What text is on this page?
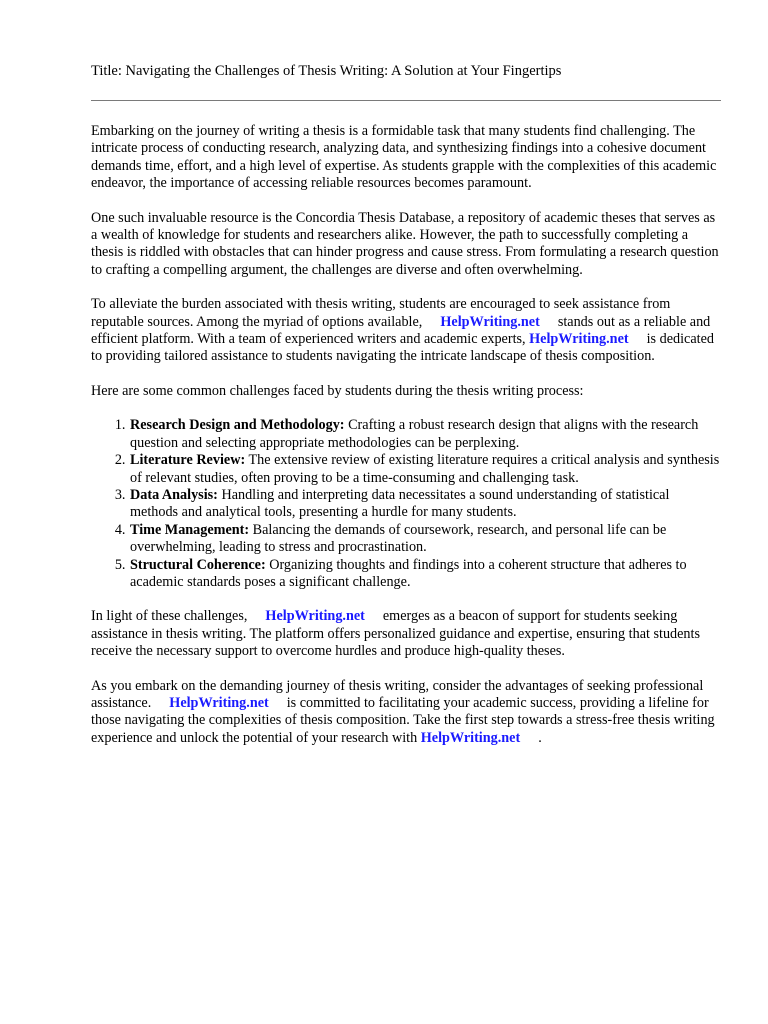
Title: Navigating the Challenges of Thesis Writing: A Solution at Your Fingertips

Embarking on the journey of writing a thesis is a formidable task that many students find challenging. The intricate process of conducting research, analyzing data, and synthesizing findings into a cohesive document demands time, effort, and a high level of expertise. As students grapple with the complexities of this academic endeavor, the importance of accessing reliable resources becomes paramount.

One such invaluable resource is the Concordia Thesis Database, a repository of academic theses that serves as a wealth of knowledge for students and researchers alike. However, the path to successfully completing a thesis is riddled with obstacles that can hinder progress and cause stress. From formulating a research question to crafting a compelling argument, the challenges are diverse and often overwhelming.

To alleviate the burden associated with thesis writing, students are encouraged to seek assistance from reputable sources. Among the myriad of options available, HelpWriting.net stands out as a reliable and efficient platform. With a team of experienced writers and academic experts, HelpWriting.net is dedicated to providing tailored assistance to students navigating the intricate landscape of thesis composition.

Here are some common challenges faced by students during the thesis writing process:

1. Research Design and Methodology: Crafting a robust research design that aligns with the research question and selecting appropriate methodologies can be perplexing.
2. Literature Review: The extensive review of existing literature requires a critical analysis and synthesis of relevant studies, often proving to be a time-consuming and challenging task.
3. Data Analysis: Handling and interpreting data necessitates a sound understanding of statistical methods and analytical tools, presenting a hurdle for many students.
4. Time Management: Balancing the demands of coursework, research, and personal life can be overwhelming, leading to stress and procrastination.
5. Structural Coherence: Organizing thoughts and findings into a coherent structure that adheres to academic standards poses a significant challenge.

In light of these challenges, HelpWriting.net emerges as a beacon of support for students seeking assistance in thesis writing. The platform offers personalized guidance and expertise, ensuring that students receive the necessary support to overcome hurdles and produce high-quality theses.

As you embark on the demanding journey of thesis writing, consider the advantages of seeking professional assistance. HelpWriting.net is committed to facilitating your academic success, providing a lifeline for those navigating the complexities of thesis composition. Take the first step towards a stress-free thesis writing experience and unlock the potential of your research with HelpWriting.net .
